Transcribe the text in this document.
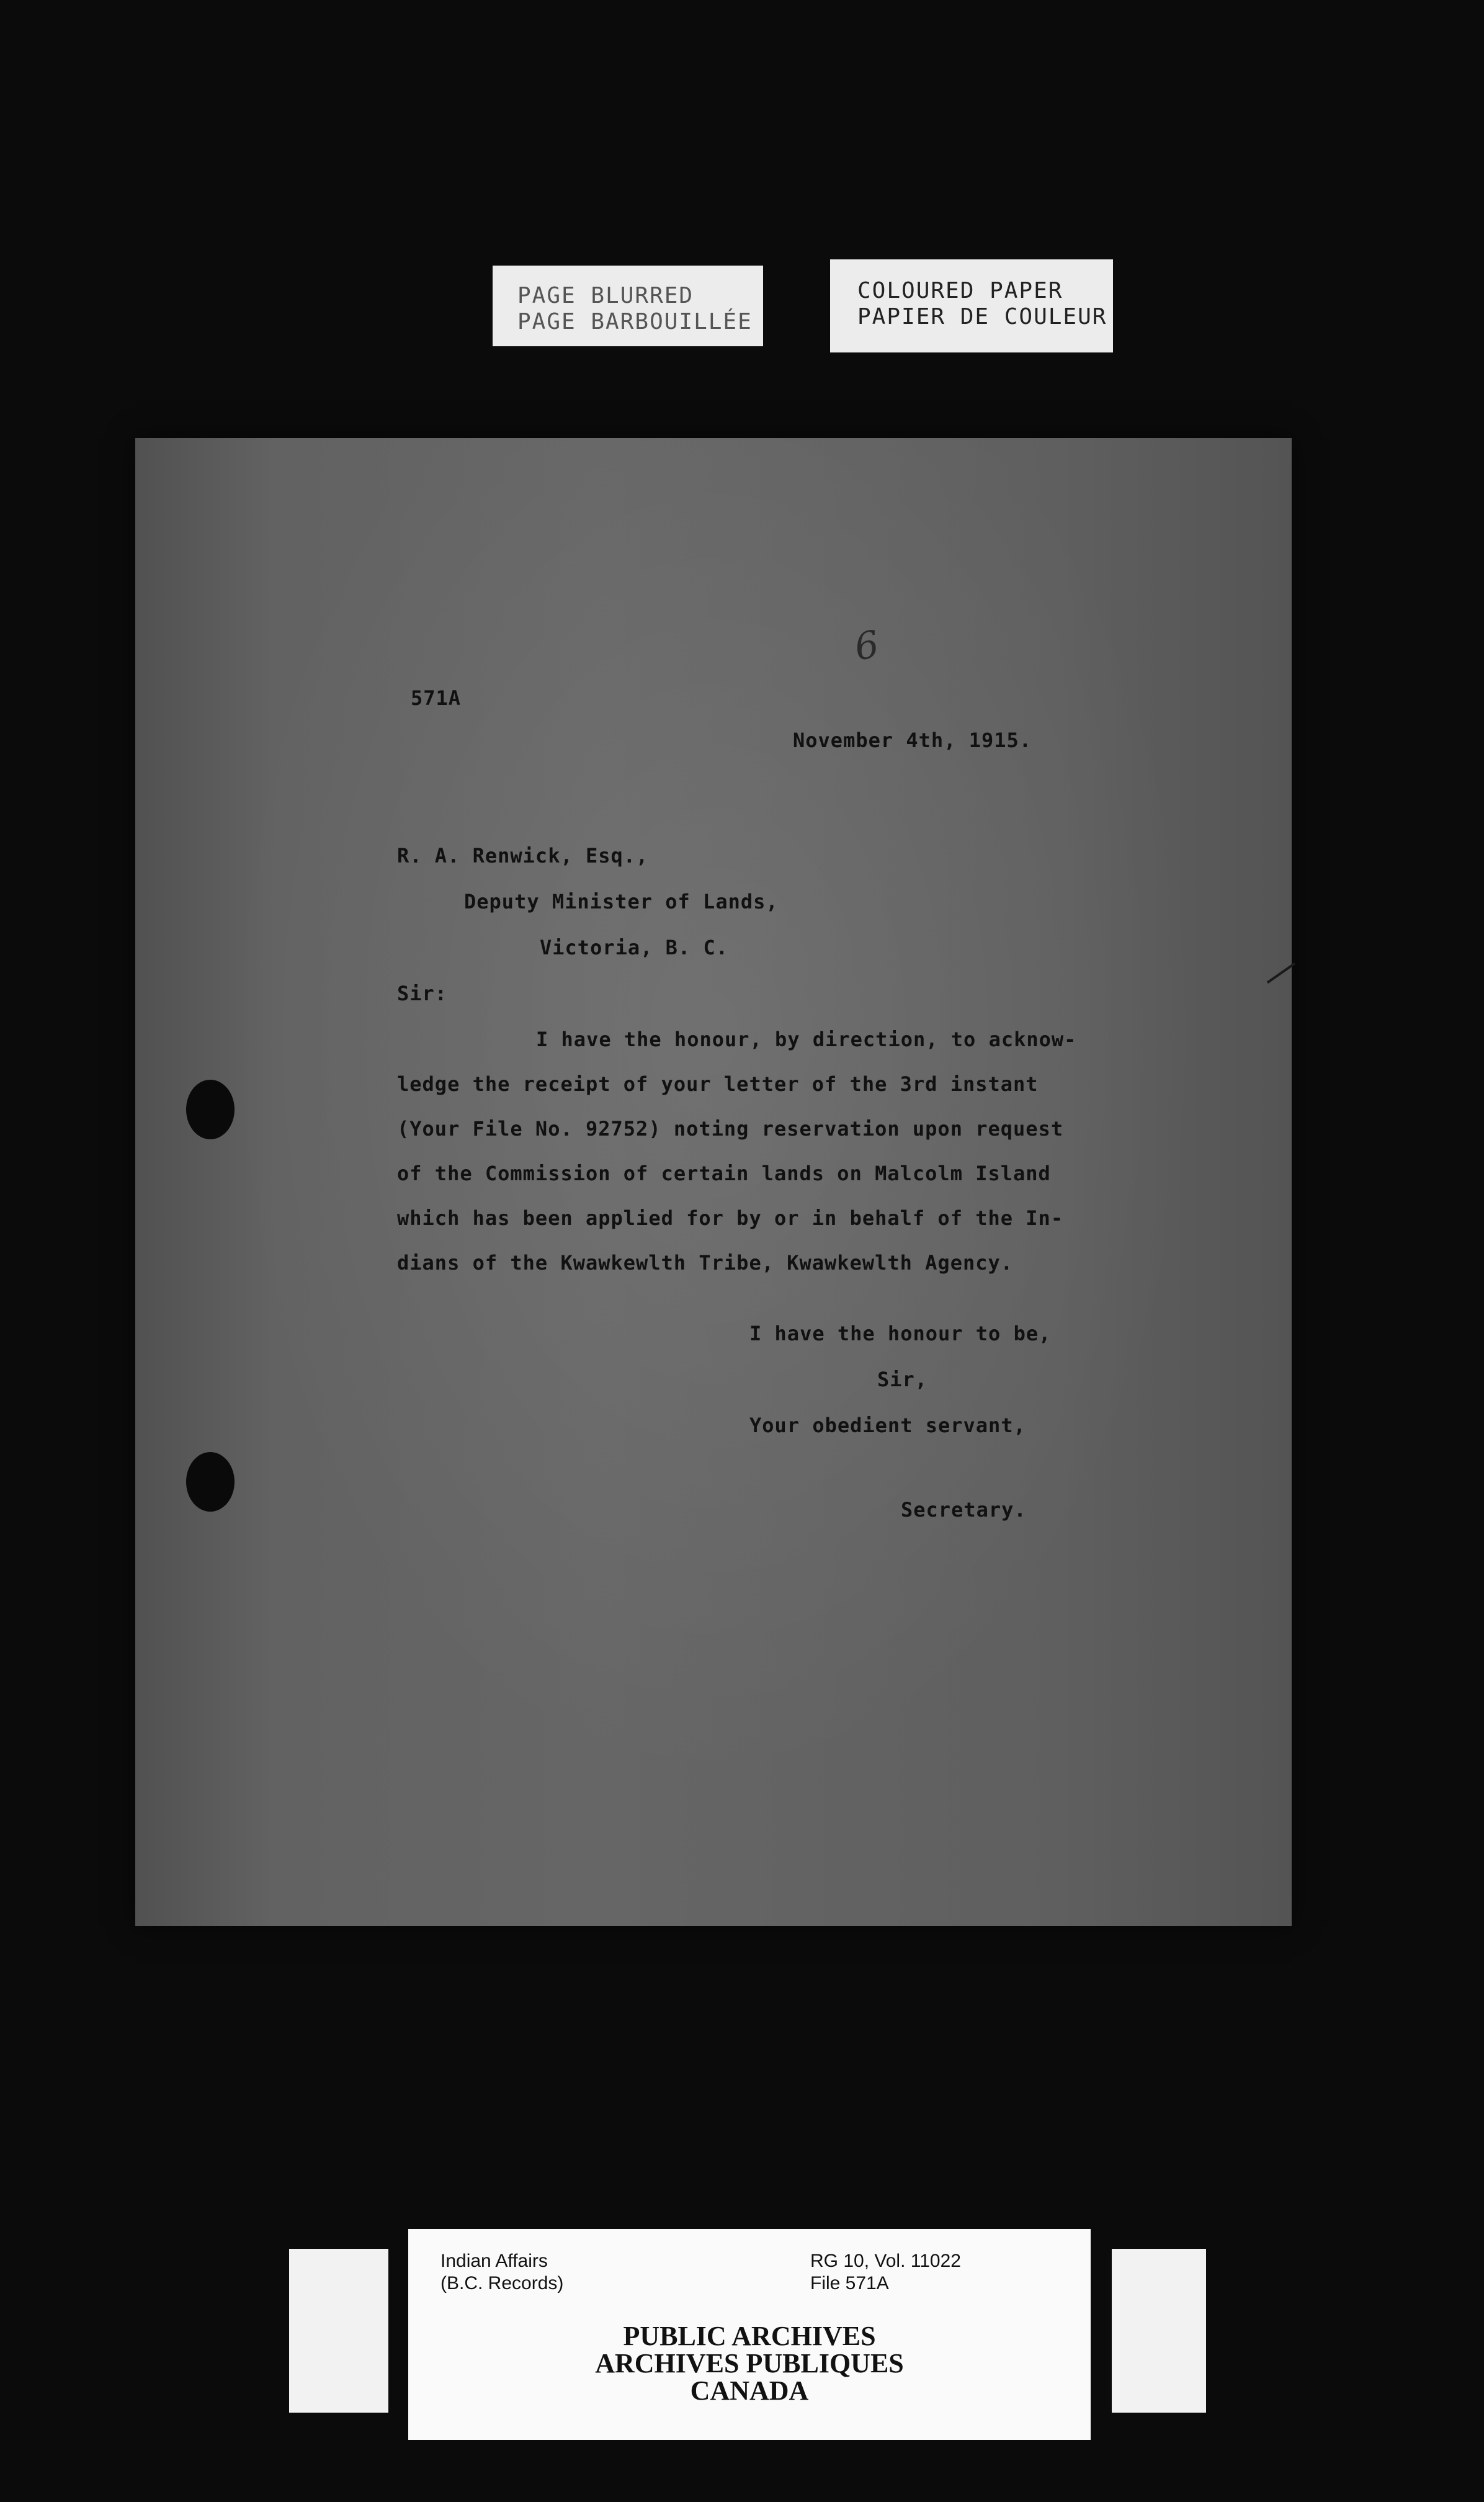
PAGE BLURRED
PAGE BARBOUILLÉE
COLOURED PAPER
PAPIER DE COULEUR
6
571A
November 4th, 1915.
R. A. Renwick, Esq.,
Deputy Minister of Lands,
Victoria, B. C.
Sir:
I have the honour, by direction, to acknow-
ledge the receipt of your letter of the 3rd instant
(Your File No. 92752) noting reservation upon request
of the Commission of certain lands on Malcolm Island
which has been applied for by or in behalf of the In-
dians of the Kwawkewlth Tribe, Kwawkewlth Agency.
I have the honour to be,
Sir,
Your obedient servant,
Secretary.
Indian Affairs
(B.C. Records)
RG 10, Vol. 11022
File 571A
PUBLIC ARCHIVES
ARCHIVES PUBLIQUES
CANADA
